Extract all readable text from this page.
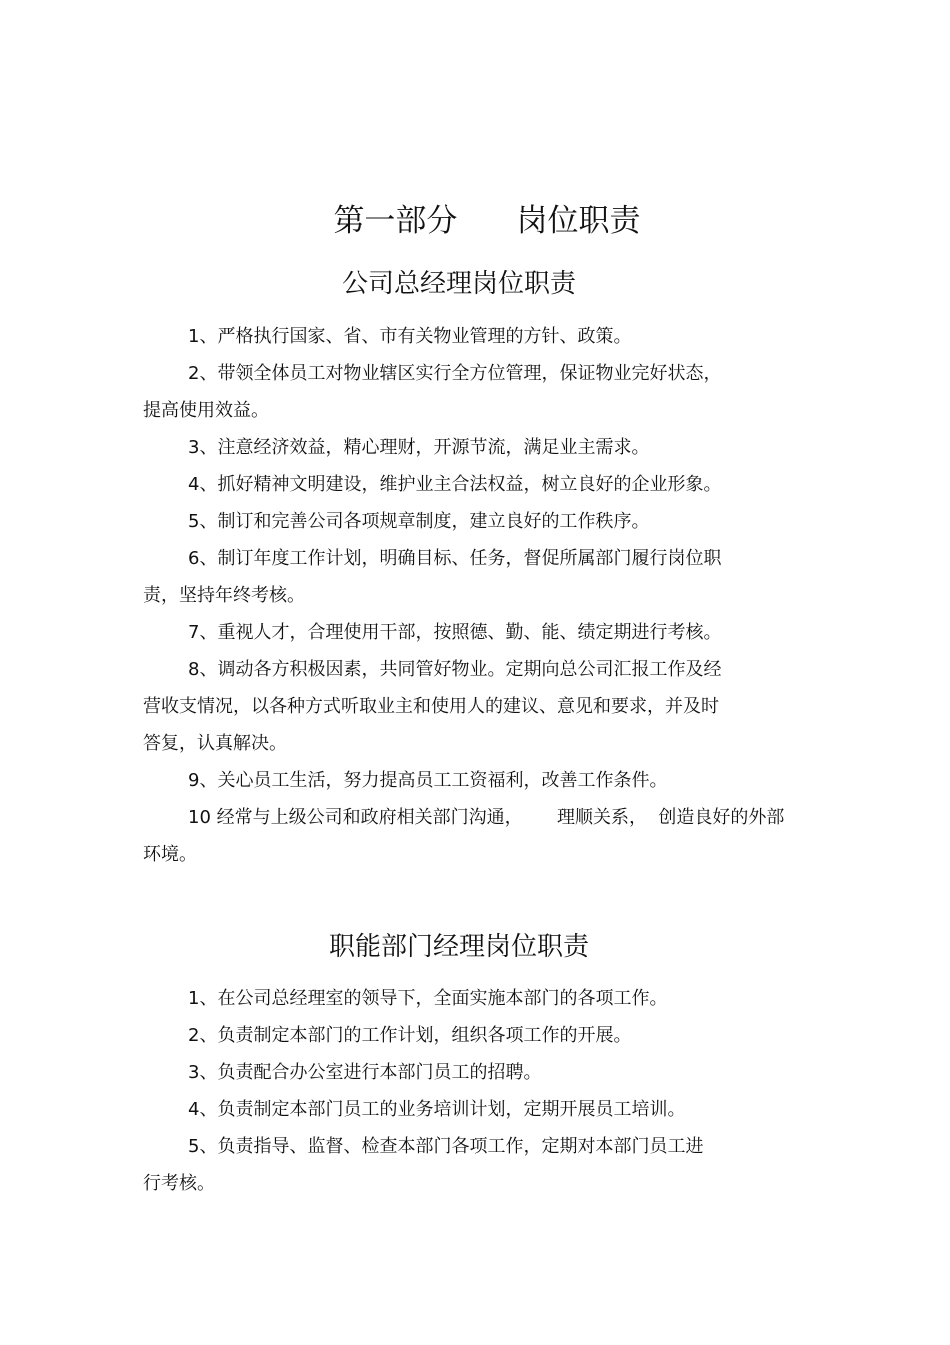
第一部分      岗位职责
公司总经理岗位职责

1、严格执行国家、省、市有关物业管理的方针、政策。

2、带领全体员工对物业辖区实行全方位管理，保证物业完好状态，
提高使用效益。

3、注意经济效益，精心理财，开源节流，满足业主需求。

4、抓好精神文明建设，维护业主合法权益，树立良好的企业形象。

5、制订和完善公司各项规章制度，建立良好的工作秩序。

6、制订年度工作计划，明确目标、任务，督促所属部门履行岗位职
责，坚持年终考核。

7、重视人才，合理使用干部，按照德、勤、能、绩定期进行考核。

8、调动各方积极因素，共同管好物业。定期向总公司汇报工作及经
营收支情况，以各种方式听取业主和使用人的建议、意见和要求，并及时
答复，认真解决。

9、关心员工生活，努力提高员工工资福利，改善工作条件。

10 经常与上级公司和政府相关部门沟通，      理顺关系，  创造良好的外部
环境。

职能部门经理岗位职责

1、在公司总经理室的领导下，全面实施本部门的各项工作。

2、负责制定本部门的工作计划，组织各项工作的开展。

3、负责配合办公室进行本部门员工的招聘。

4、负责制定本部门员工的业务培训计划，定期开展员工培训。

5、负责指导、监督、检查本部门各项工作，定期对本部门员工进
行考核。
